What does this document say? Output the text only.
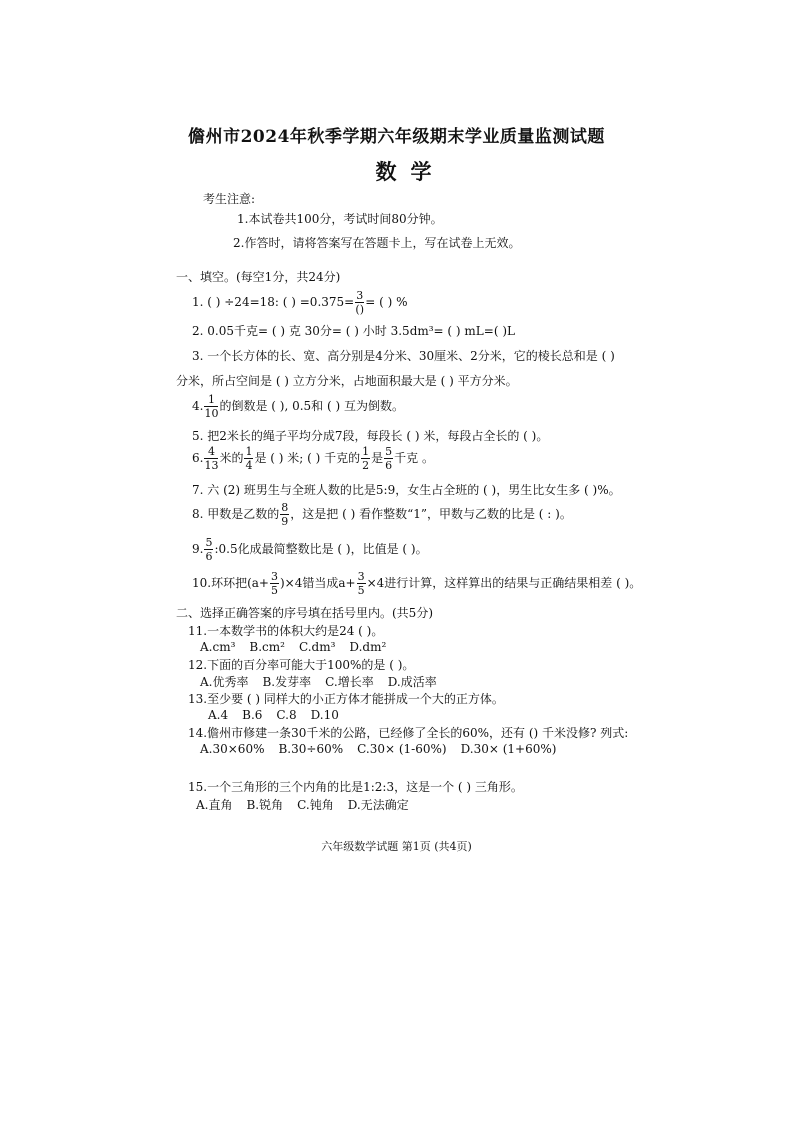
儋州市2024年秋季学期六年级期末学业质量监测试题
数学
考生注意:
1.本试卷共100分，考试时间80分钟。
2.作答时，请将答案写在答题卡上，写在试卷上无效。
一、填空。(每空1分，共24分)
1. ( ) ÷24=18: ( ) $=0.375= \frac{3}{()}$ = ( ) %
2. 0.05千克= ( ) 克 30分= ( ) 小时 3.5dm³= ( ) mL=( )L
3. 一个长方体的长、宽、高分别是4分米、30厘米、2分米，它的棱长总和是 ( )
分米，所占空间是 ( ) 立方分米，占地面积最大是 ( ) 平方分米。
4. $\frac{1}{10}$ 的倒数是 ( ), 0.5和 ( ) 互为倒数。
5. 把2米长的绳子平均分成7段，每段长 ( ) 米，每段占全长的 ( )。
6. $\frac{4}{13}$ 米的 $\frac{1}{4}$ 是 ( ) 米; ( ) 千克的 $\frac{1}{2}$ 是 $\frac{5}{6}$ 千克 。
7. 六 (2) 班男生与全班人数的比是5:9，女生占全班的 ( )，男生比女生多 ( )%。
8. 甲数是乙数的 $\frac{8}{9}$ ，这是把 ( ) 看作整数“1”，甲数与乙数的比是 ( : )。
9. $\frac{5}{6}$ :0.5化成最简整数比是 ( )，比值是 ( )。
10.环环把$(a+ \frac{3}{5} )\times 4$错当成$a+ \frac{3}{5} \times 4$进行计算，这样算出的结果与正确结果相差 ( )。
二、选择正确答案的序号填在括号里内。(共5分)
11.一本数学书的体积大约是24 ( )。
A.cm³ B.cm² C.dm³ D.dm²
12.下面的百分率可能大于100%的是 ( )。
A.优秀率 B.发芽率 C.增长率 D.成活率
13.至少要 ( ) 同样大的小正方体才能拼成一个大的正方体。
A.4 B.6 C.8 D.10
14.儋州市修建一条30千米的公路，已经修了全长的60%，还有 () 千米没修? 列式:
A.30×60% B.30÷60% C.30× (1-60%) D.30× (1+60%)
15.一个三角形的三个内角的比是1:2:3，这是一个 ( ) 三角形。
A.直角 B.锐角 C.钝角 D.无法确定
六年级数学试题 第1页 (共4页)
